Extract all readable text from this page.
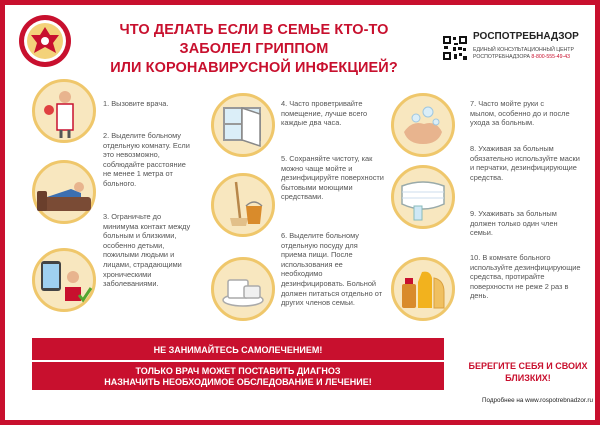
ЧТО ДЕЛАТЬ ЕСЛИ В СЕМЬЕ КТО-ТО ЗАБОЛЕЛ ГРИППОМ
ИЛИ КОРОНАВИРУСНОЙ ИНФЕКЦИЕЙ?
РОСПОТРЕБНАДЗОР
ЕДИНЫЙ КОНСУЛЬТАЦИОННЫЙ ЦЕНТР
РОСПОТРЕБНАДЗОРА 8-800-555-49-43
1. Вызовите врача.
2. Выделите больному отдельную комнату. Если это невозможно, соблюдайте расстояние не менее 1 метра от больного.
3. Ограничьте до минимума контакт между больным и близкими, особенно детьми, пожилыми людьми и лицами, страдающими хроническими заболеваниями.
4. Часто проветривайте помещение, лучше всего каждые два часа.
5. Сохраняйте чистоту, как можно чаще мойте и дезинфицируйте поверхности бытовыми моющими средствами.
6. Выделите больному отдельную посуду для приема пищи. После использования ее необходимо дезинфицировать. Больной должен питаться отдельно от других членов семьи.
7. Часто мойте руки с мылом, особенно до и после ухода за больным.
8. Ухаживая за больным обязательно используйте маски и перчатки, дезинфицирующие средства.
9. Ухаживать за больным должен только один член семьи.
10. В комнате больного используйте дезинфицирующие средства, протирайте поверхности не реже 2 раз в день.
НЕ ЗАНИМАЙТЕСЬ САМОЛЕЧЕНИЕМ!
ТОЛЬКО ВРАЧ МОЖЕТ ПОСТАВИТЬ ДИАГНОЗ
НАЗНАЧИТЬ НЕОБХОДИМОЕ ОБСЛЕДОВАНИЕ И ЛЕЧЕНИЕ!
БЕРЕГИТЕ СЕБЯ И СВОИХ
БЛИЗКИХ!
Подробнее на www.rospotrebnadzor.ru
